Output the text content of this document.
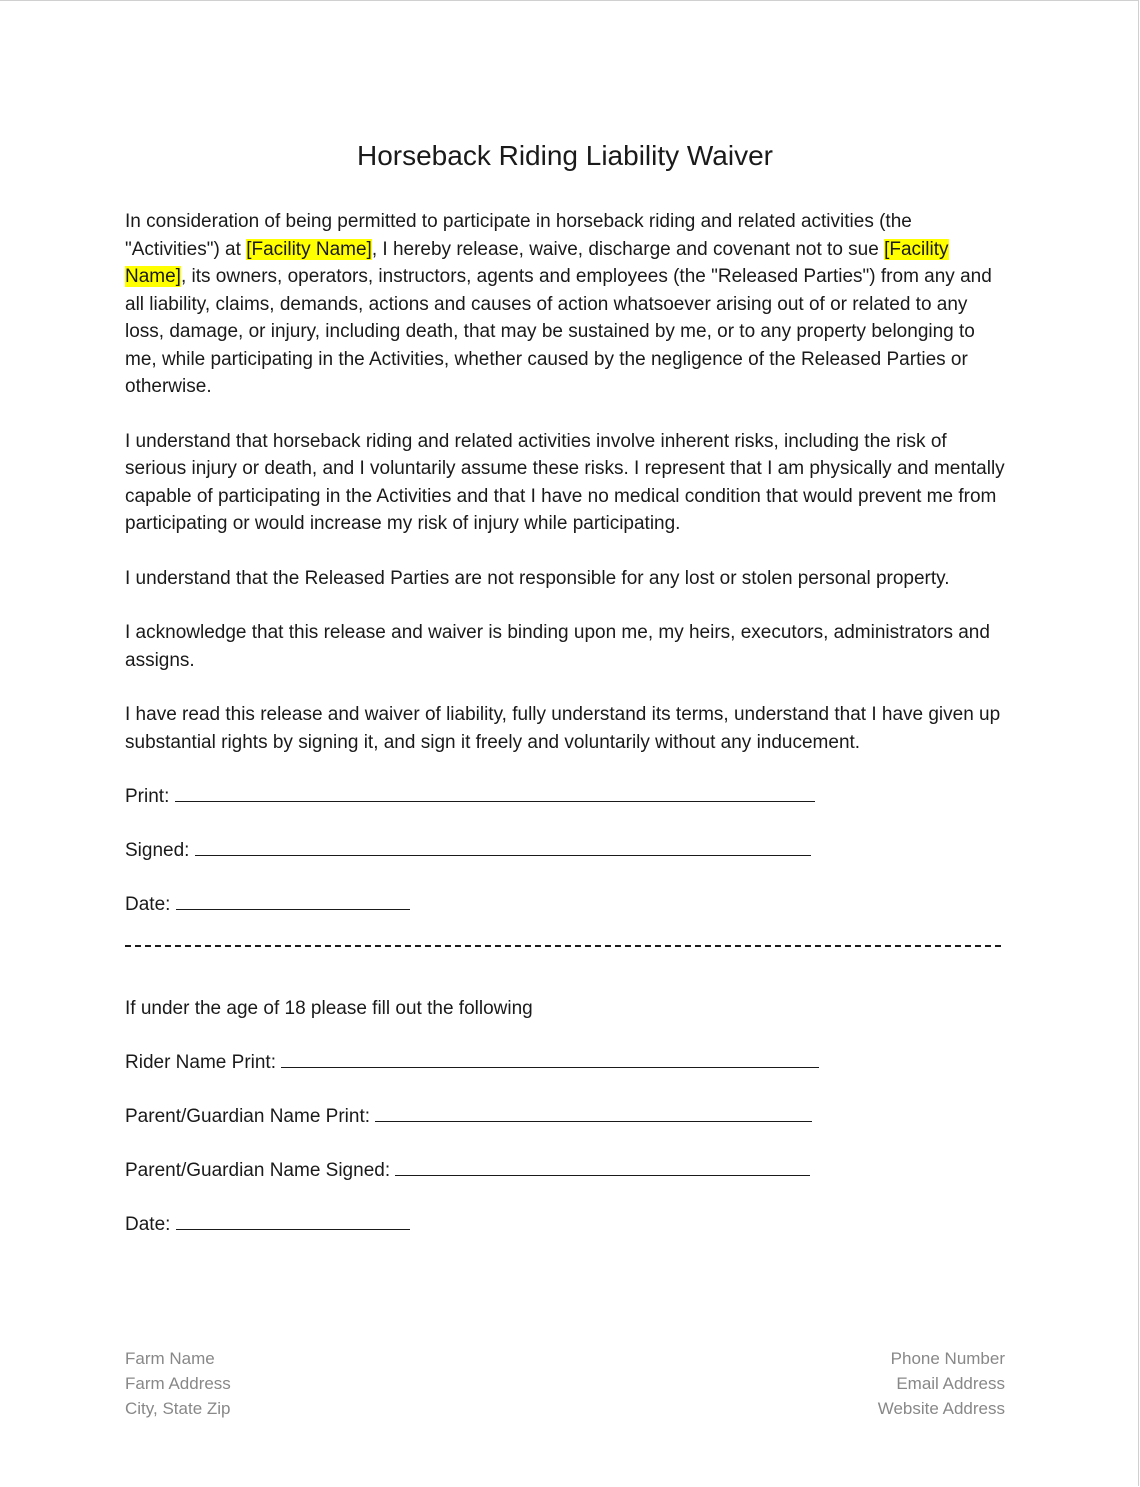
Horseback Riding Liability Waiver

In consideration of being permitted to participate in horseback riding and related activities (the "Activities") at [Facility Name], I hereby release, waive, discharge and covenant not to sue [Facility Name], its owners, operators, instructors, agents and employees (the "Released Parties") from any and all liability, claims, demands, actions and causes of action whatsoever arising out of or related to any loss, damage, or injury, including death, that may be sustained by me, or to any property belonging to me, while participating in the Activities, whether caused by the negligence of the Released Parties or otherwise.

I understand that horseback riding and related activities involve inherent risks, including the risk of serious injury or death, and I voluntarily assume these risks. I represent that I am physically and mentally capable of participating in the Activities and that I have no medical condition that would prevent me from participating or would increase my risk of injury while participating.

I understand that the Released Parties are not responsible for any lost or stolen personal property.

I acknowledge that this release and waiver is binding upon me, my heirs, executors, administrators and assigns.

I have read this release and waiver of liability, fully understand its terms, understand that I have given up substantial rights by signing it, and sign it freely and voluntarily without any inducement.

Print:
Signed:
Date:
If under the age of 18 please fill out the following
Rider Name Print:
Parent/Guardian Name Print:
Parent/Guardian Name Signed:
Date:
Farm Name
Farm Address
City, State Zip
Phone Number
Email Address
Website Address
